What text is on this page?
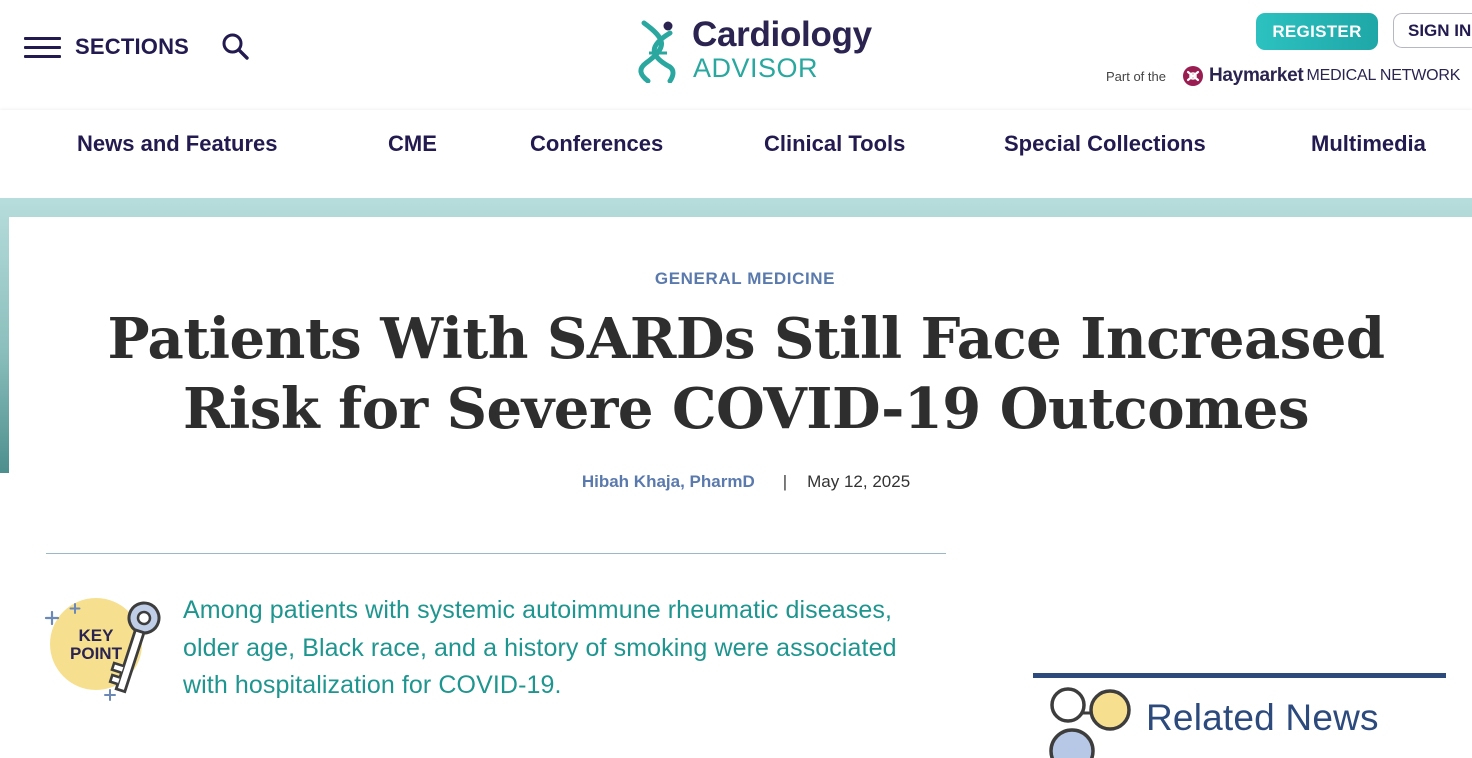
SECTIONS	Cardiology
ADVISOR
REGISTER	SIGN IN
Part of the Haymarket MEDICAL NETWORK
News and Features	CME	Conferences	Clinical Tools	Special Collections	Multimedia
GENERAL MEDICINE
Patients With SARDs Still Face Increased Risk for Severe COVID-19 Outcomes
Hibah Khaja, PharmD | May 12, 2025
KEY
POINT
Among patients with systemic autoimmune rheumatic diseases, older age, Black race, and a history of smoking were associated with hospitalization for COVID-19.
Related News
